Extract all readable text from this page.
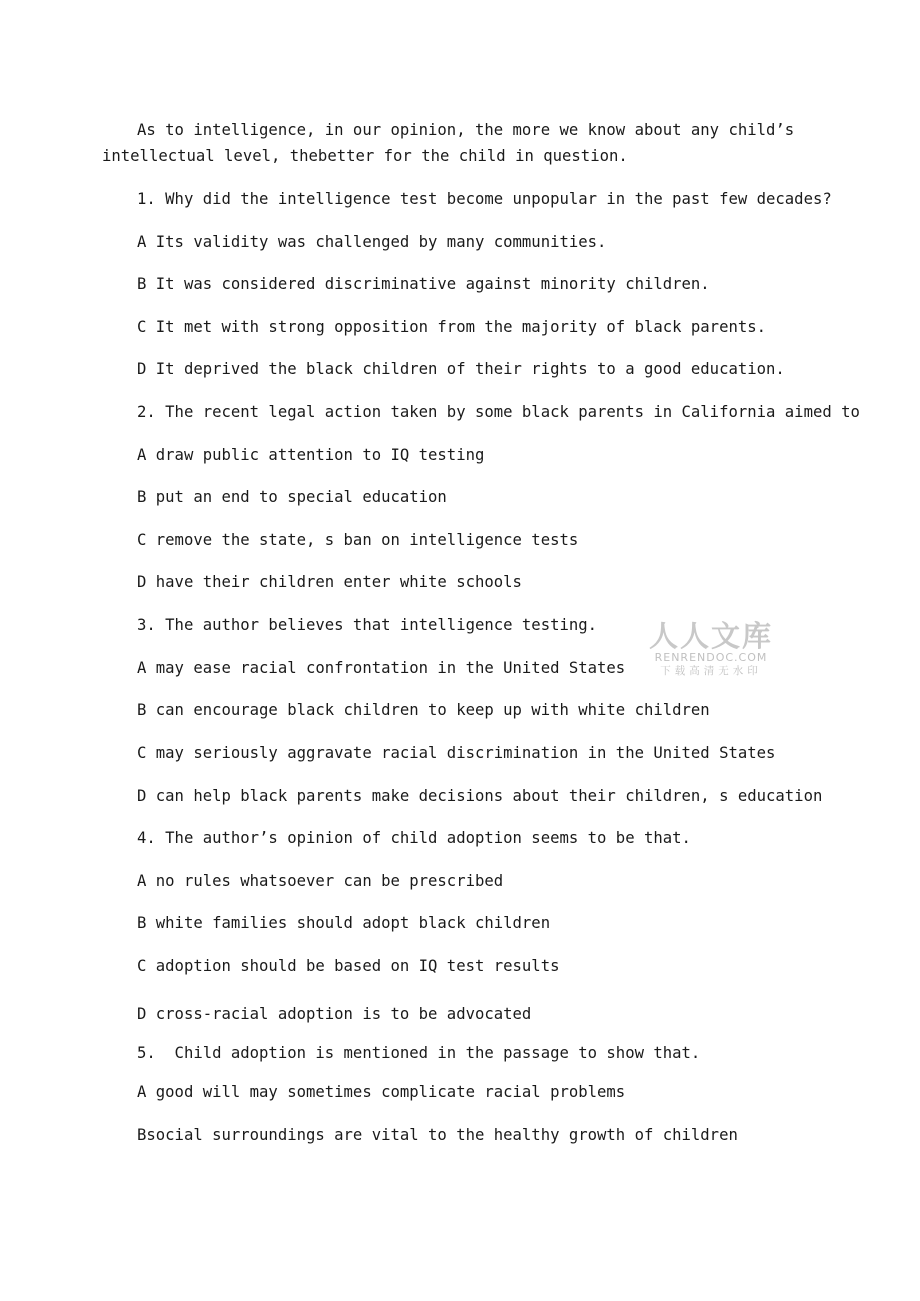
As to intelligence, in our opinion, the more we know about any child’s
intellectual level, thebetter for the child in question.
1. Why did the intelligence test become unpopular in the past few decades?
A Its validity was challenged by many communities.
B It was considered discriminative against minority children.
C It met with strong opposition from the majority of black parents.
D It deprived the black children of their rights to a good education.
2. The recent legal action taken by some black parents in California aimed to
A draw public attention to IQ testing
B put an end to special education
C remove the state, s ban on intelligence tests
D have their children enter white schools
3. The author believes that intelligence testing.
A may ease racial confrontation in the United States
B can encourage black children to keep up with white children
C may seriously aggravate racial discrimination in the United States
D can help black parents make decisions about their children, s education
4. The author’s opinion of child adoption seems to be that.
A no rules whatsoever can be prescribed
B white families should adopt black children
C adoption should be based on IQ test results
D cross-racial adoption is to be advocated
5.  Child adoption is mentioned in the passage to show that.
A good will may sometimes complicate racial problems
Bsocial surroundings are vital to the healthy growth of children
人人文库
RENRENDOC.COM
下载高清无水印
